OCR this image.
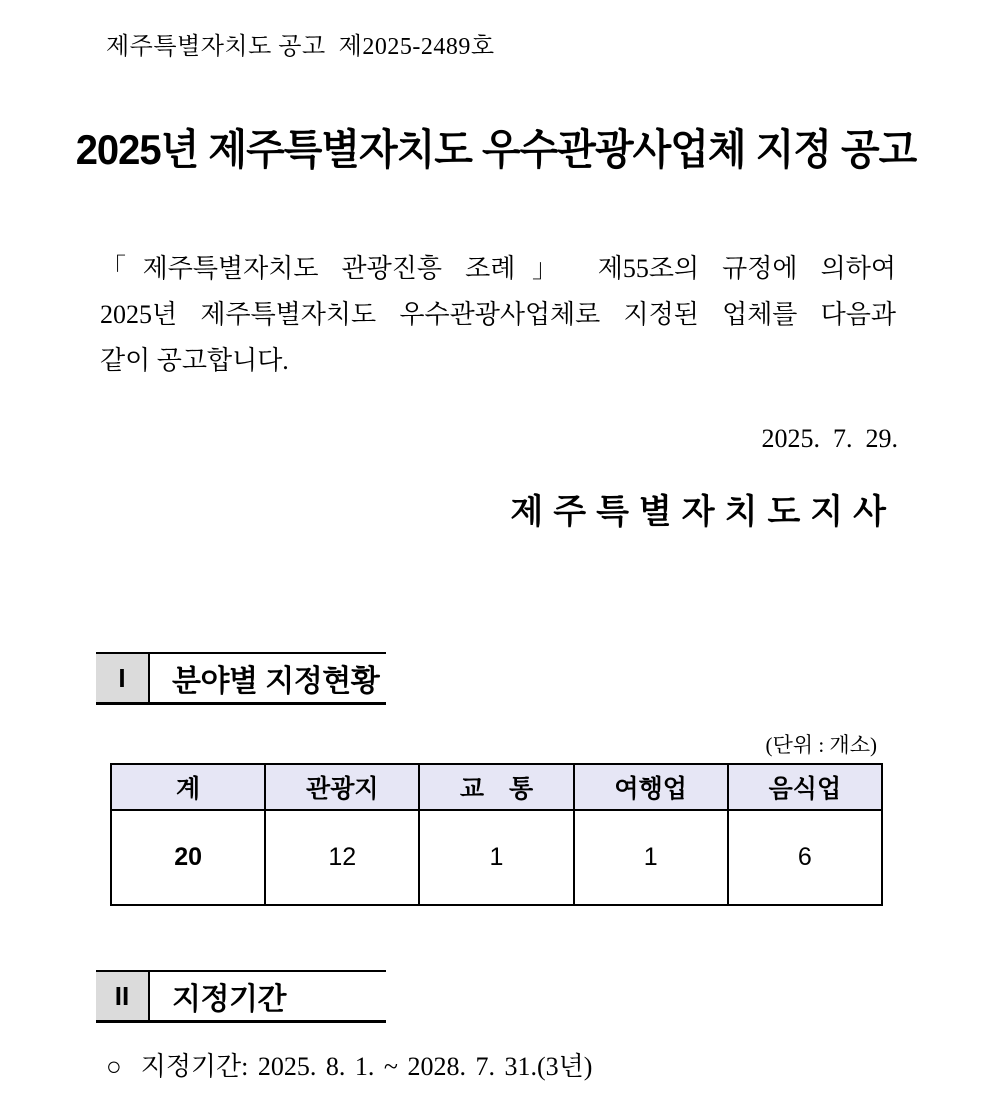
제주특별자치도 공고  제2025-2489호
2025년 제주특별자치도 우수관광사업체 지정 공고
「제주특별자치도 관광진흥 조례」 제55조의 규정에 의하여
2025년 제주특별자치도 우수관광사업체로 지정된 업체를 다음과
같이 공고합니다.
2025.  7.  29.
제주특별자치도지사
I	분야별 지정현황
(단위 : 개소)
계	관광지	교　통	여행업	음식업
20	12	1	1	6
II	지정기간
○  지정기간: 2025. 8. 1. ~ 2028. 7. 31.(3년)
